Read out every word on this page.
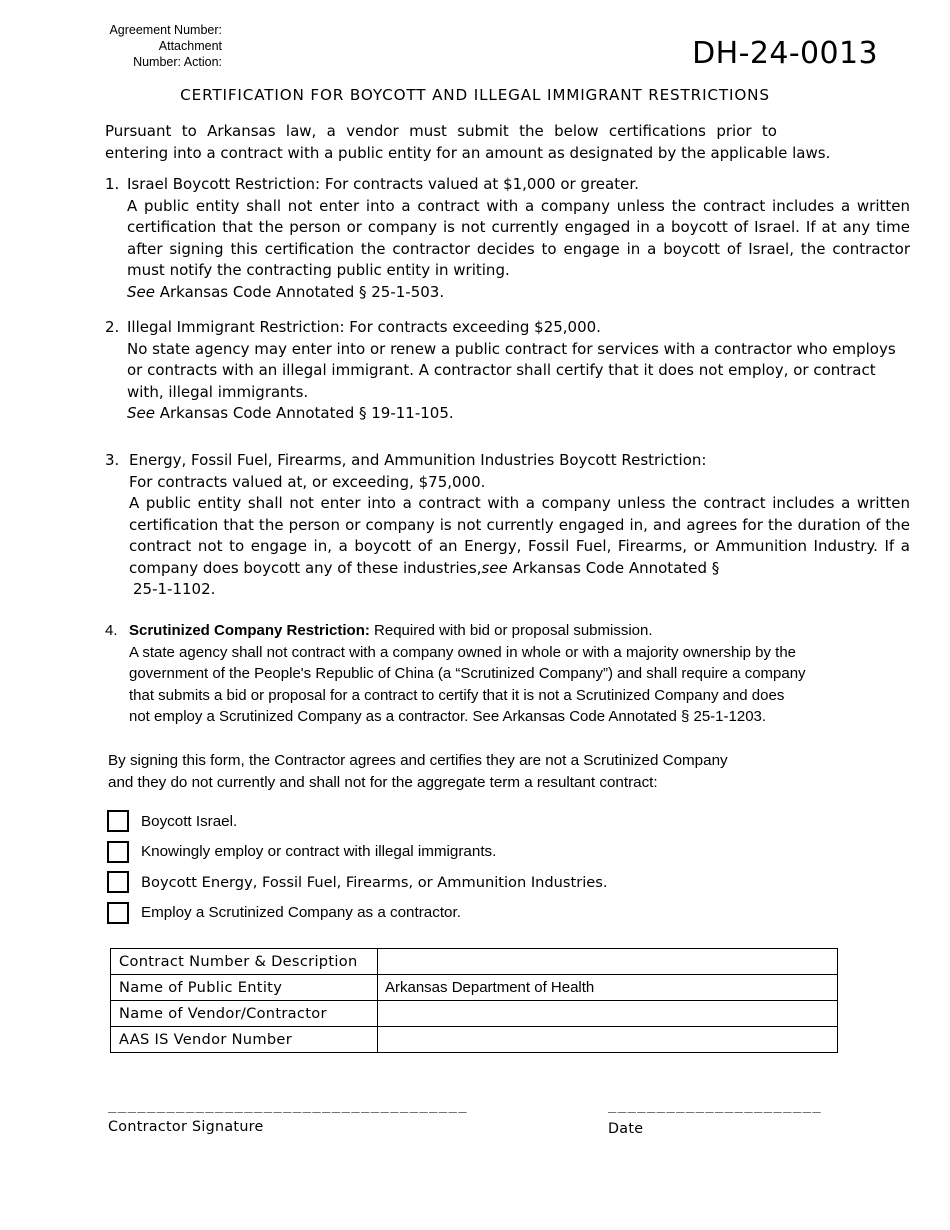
Agreement Number:
Attachment
Number: Action:	DH-24-0013
CERTIFICATION FOR BOYCOTT AND ILLEGAL IMMIGRANT RESTRICTIONS
Pursuant to Arkansas law, a vendor must submit the below certifications prior to
entering into a contract with a public entity for an amount as designated by the applicable laws.
1. Israel Boycott Restriction: For contracts valued at $1,000 or greater.
A public entity shall not enter into a contract with a company unless the contract includes a written
certification that the person or company is not currently engaged in a boycott of Israel. If at any time
after signing this certification the contractor decides to engage in a boycott of Israel, the contractor
must notify the contracting public entity in writing.
See Arkansas Code Annotated § 25-1-503.
2. Illegal Immigrant Restriction: For contracts exceeding $25,000.
No state agency may enter into or renew a public contract for services with a contractor who employs
or contracts with an illegal immigrant. A contractor shall certify that it does not employ, or contract
with, illegal immigrants.
See Arkansas Code Annotated § 19-11-105.
3. Energy, Fossil Fuel, Firearms, and Ammunition Industries Boycott Restriction:
For contracts valued at, or exceeding, $75,000.
A public entity shall not enter into a contract with a company unless the contract includes a written
certification that the person or company is not currently engaged in, and agrees for the duration of the
contract not to engage in, a boycott of an Energy, Fossil Fuel, Firearms, or Ammunition Industry. If a
company does boycott any of these industries,see Arkansas Code Annotated §
25-1-1102.
4. Scrutinized Company Restriction: Required with bid or proposal submission.
A state agency shall not contract with a company owned in whole or with a majority ownership by the
government of the People's Republic of China (a “Scrutinized Company”) and shall require a company
that submits a bid or proposal for a contract to certify that it is not a Scrutinized Company and does
not employ a Scrutinized Company as a contractor. See Arkansas Code Annotated § 25-1-1203.
By signing this form, the Contractor agrees and certifies they are not a Scrutinized Company
and they do not currently and shall not for the aggregate term a resultant contract:
Boycott Israel.
Knowingly employ or contract with illegal immigrants.
Boycott Energy, Fossil Fuel, Firearms, or Ammunition Industries.
Employ a Scrutinized Company as a contractor.
Contract Number & Description	
Name of Public Entity	Arkansas Department of Health
Name of Vendor/Contractor	
AAS IS Vendor Number	
_____________________________________
Contractor Signature
______________________
Date
